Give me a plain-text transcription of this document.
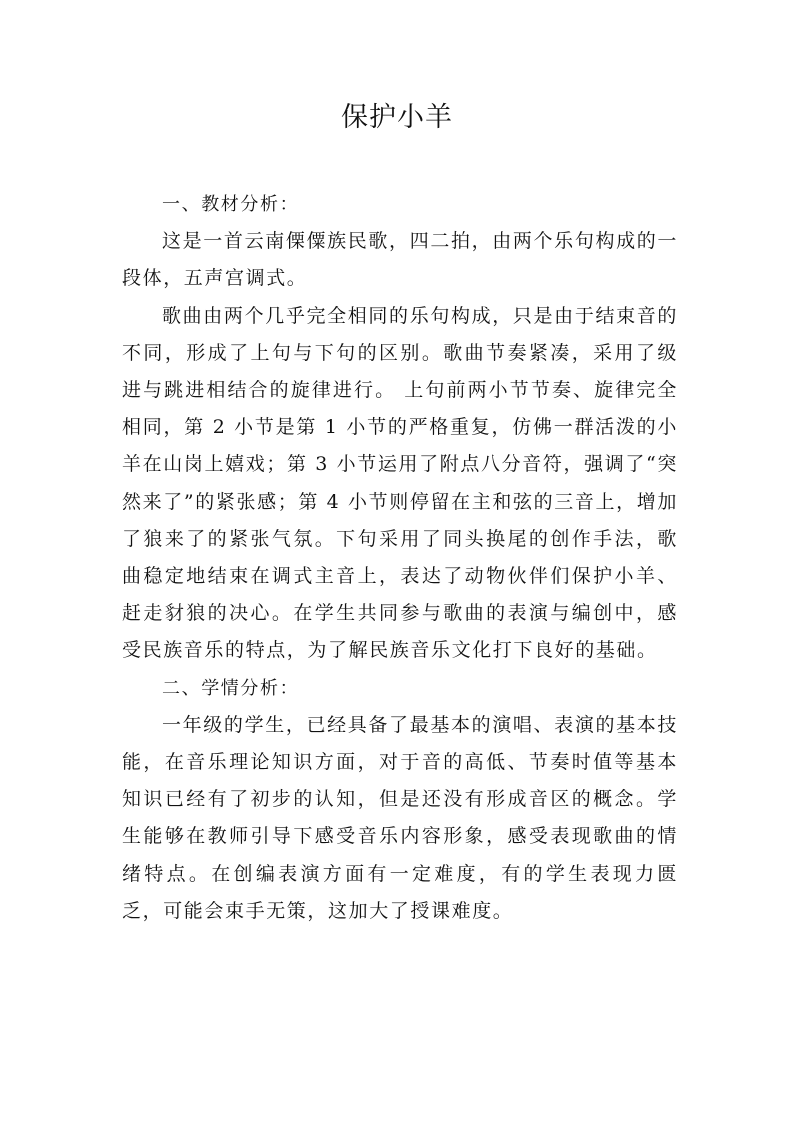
保护小羊

一、教材分析：

这是一首云南傈僳族民歌，四二拍，由两个乐句构成的一段体，五声宫调式。

歌曲由两个几乎完全相同的乐句构成，只是由于结束音的不同，形成了上句与下句的区别。歌曲节奏紧凑，采用了级进与跳进相结合的旋律进行。 上句前两小节节奏、旋律完全相同，第 2 小节是第 1 小节的严格重复，仿佛一群活泼的小羊在山岗上嬉戏；第 3 小节运用了附点八分音符，强调了“突然来了”的紧张感；第 4 小节则停留在主和弦的三音上，增加了狼来了的紧张气氛。下句采用了同头换尾的创作手法，歌曲稳定地结束在调式主音上，表达了动物伙伴们保护小羊、赶走豺狼的决心。在学生共同参与歌曲的表演与编创中，感受民族音乐的特点，为了解民族音乐文化打下良好的基础。

二、学情分析：

一年级的学生，已经具备了最基本的演唱、表演的基本技能，在音乐理论知识方面，对于音的高低、节奏时值等基本知识已经有了初步的认知，但是还没有形成音区的概念。学生能够在教师引导下感受音乐内容形象，感受表现歌曲的情绪特点。在创编表演方面有一定难度，有的学生表现力匮乏，可能会束手无策，这加大了授课难度。
